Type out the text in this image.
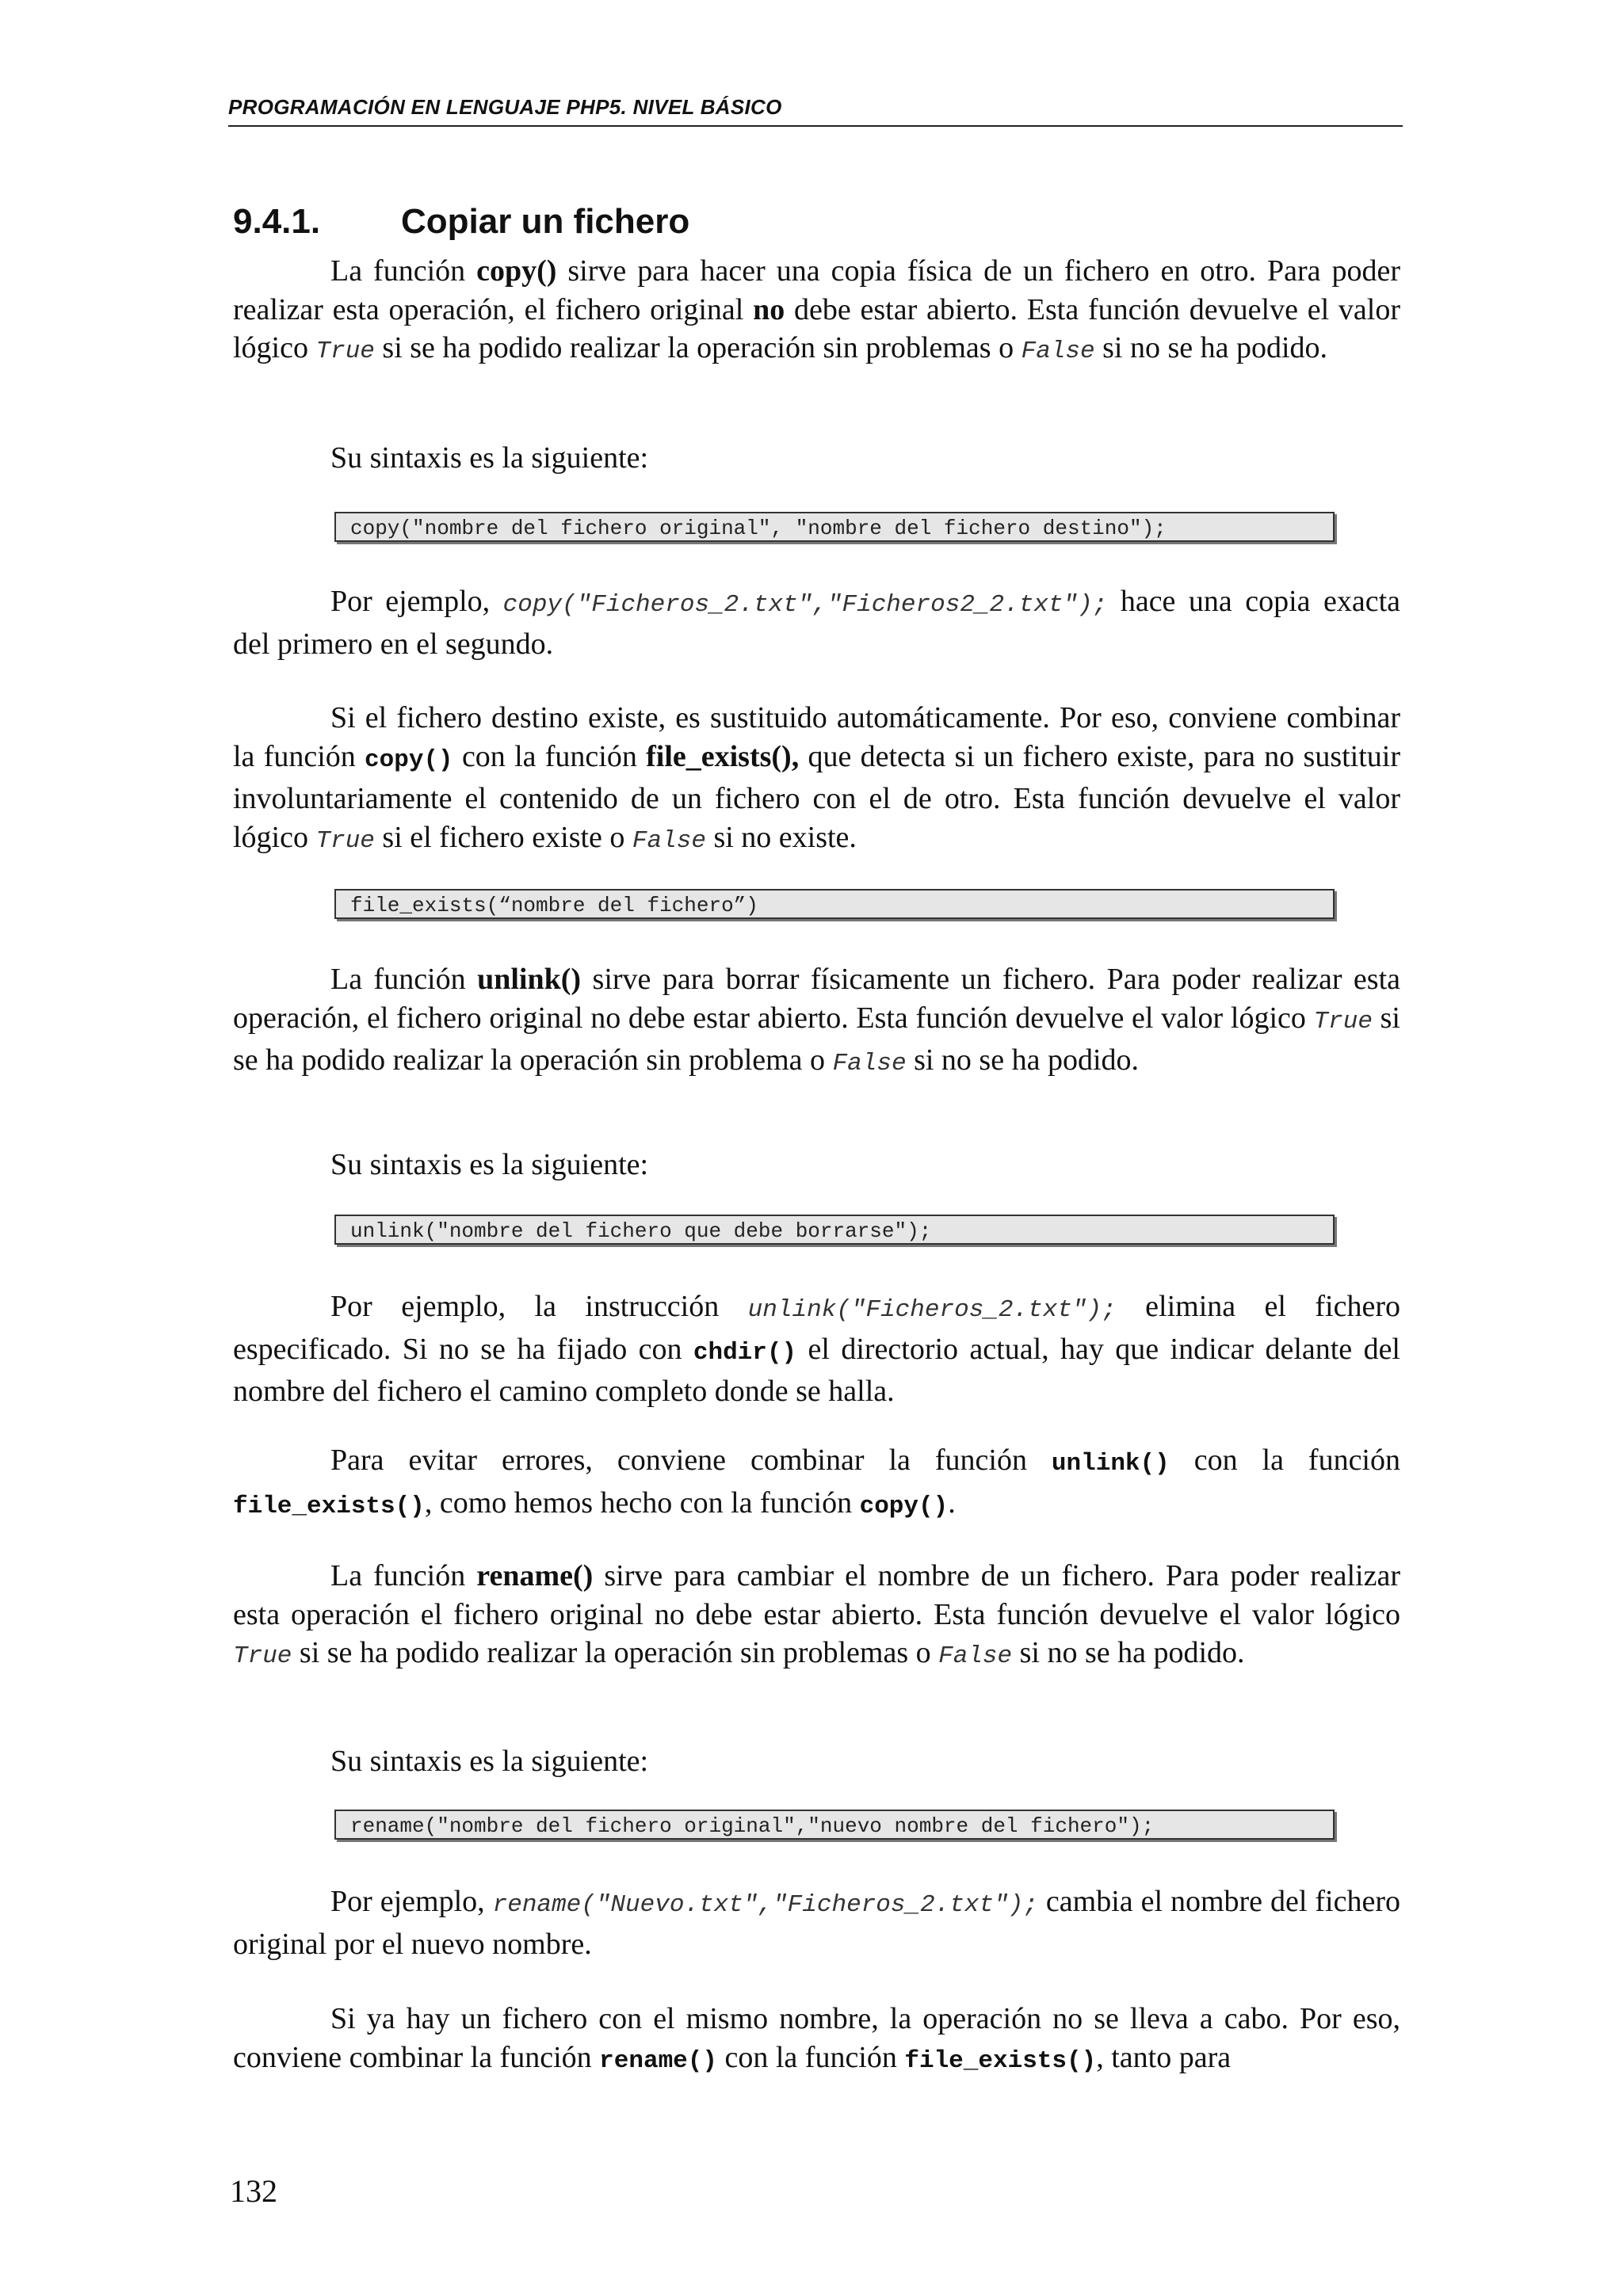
PROGRAMACIÓN EN LENGUAJE PHP5. NIVEL BÁSICO
9.4.1. Copiar un fichero

La función copy() sirve para hacer una copia física de un fichero en otro. Para poder realizar esta operación, el fichero original no debe estar abierto. Esta función devuelve el valor lógico True si se ha podido realizar la operación sin problemas o False si no se ha podido.

Su sintaxis es la siguiente:

copy("nombre del fichero original", "nombre del fichero destino");

Por ejemplo, copy("Ficheros_2.txt","Ficheros2_2.txt"); hace una copia exacta del primero en el segundo.

Si el fichero destino existe, es sustituido automáticamente. Por eso, conviene combinar la función copy() con la función file_exists(), que detecta si un fichero existe, para no sustituir involuntariamente el contenido de un fichero con el de otro. Esta función devuelve el valor lógico True si el fichero existe o False si no existe.

file_exists(“nombre del fichero”)

La función unlink() sirve para borrar físicamente un fichero. Para poder realizar esta operación, el fichero original no debe estar abierto. Esta función devuelve el valor lógico True si se ha podido realizar la operación sin problema o False si no se ha podido.

Su sintaxis es la siguiente:

unlink("nombre del fichero que debe borrarse");

Por ejemplo, la instrucción unlink("Ficheros_2.txt"); elimina el fichero especificado. Si no se ha fijado con chdir() el directorio actual, hay que indicar delante del nombre del fichero el camino completo donde se halla.

Para evitar errores, conviene combinar la función unlink() con la función file_exists(), como hemos hecho con la función copy().

La función rename() sirve para cambiar el nombre de un fichero. Para poder realizar esta operación el fichero original no debe estar abierto. Esta función devuelve el valor lógico True si se ha podido realizar la operación sin problemas o False si no se ha podido.

Su sintaxis es la siguiente:

rename("nombre del fichero original","nuevo nombre del fichero");

Por ejemplo, rename("Nuevo.txt","Ficheros_2.txt"); cambia el nombre del fichero original por el nuevo nombre.

Si ya hay un fichero con el mismo nombre, la operación no se lleva a cabo. Por eso, conviene combinar la función rename() con la función file_exists(), tanto para

132
